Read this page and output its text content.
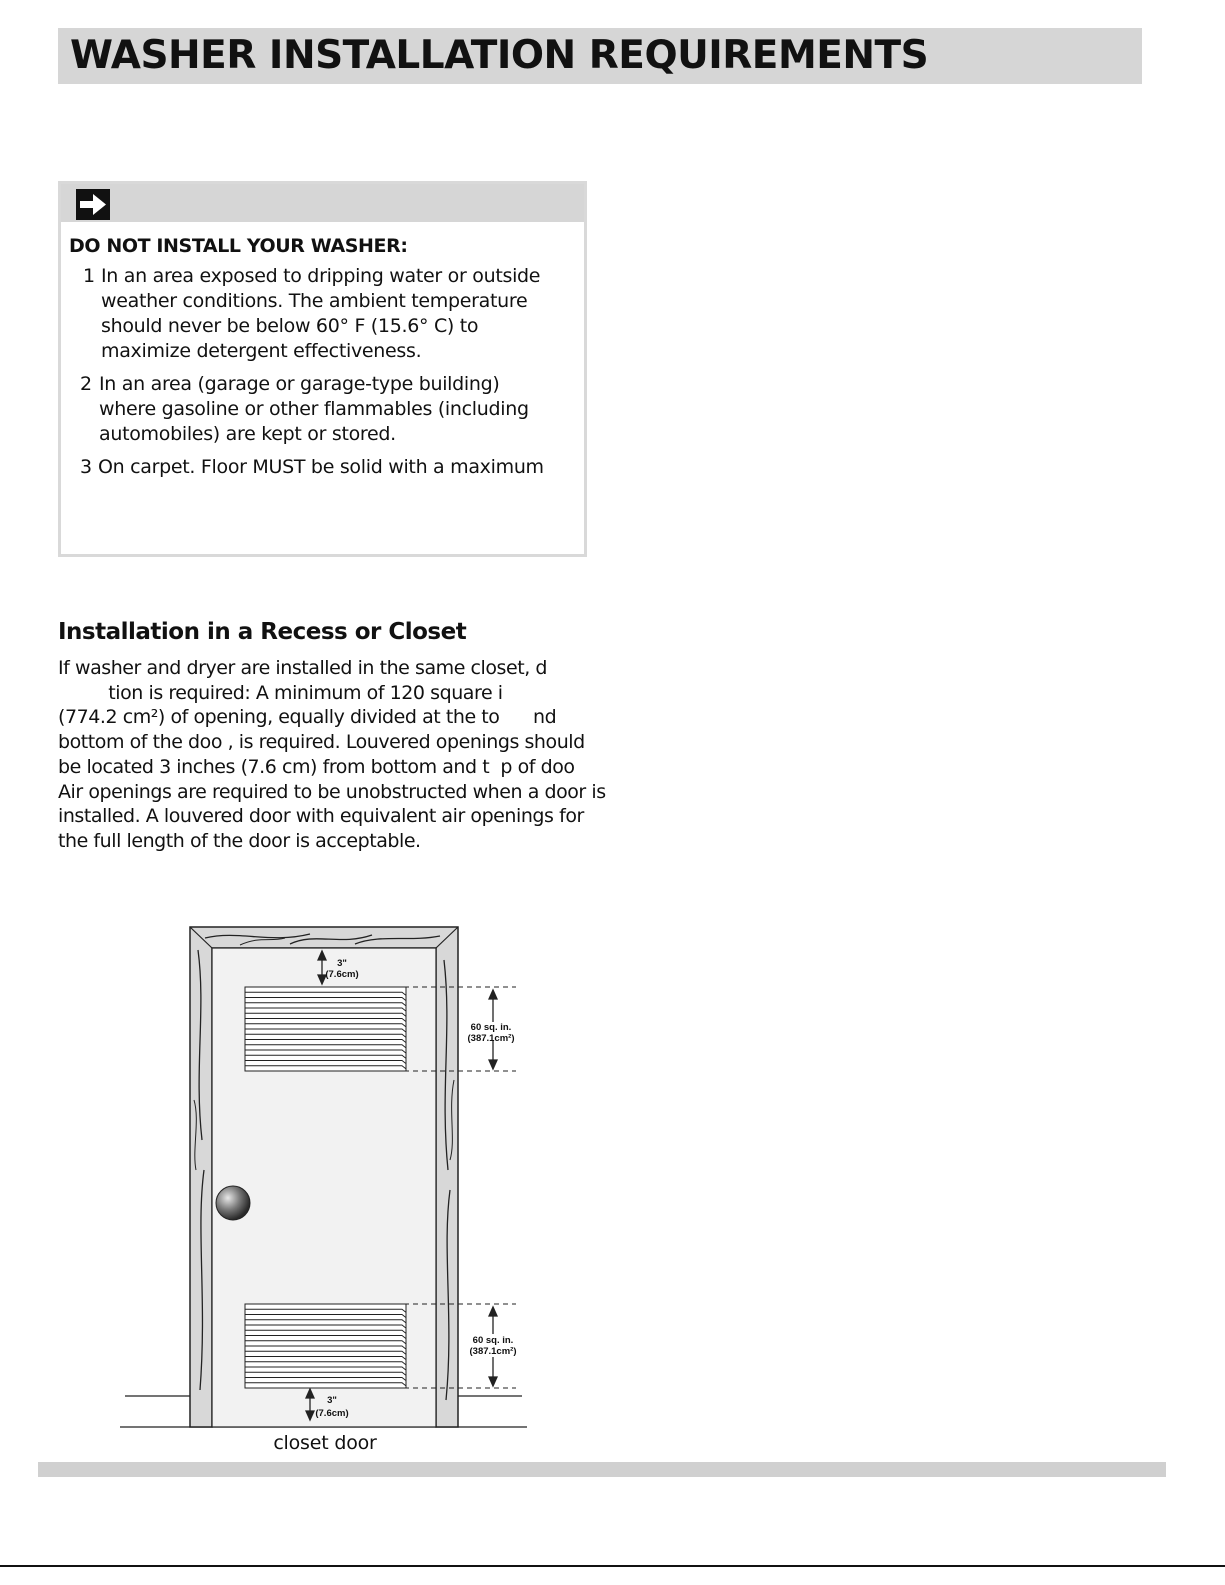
WASHER INSTALLATION REQUIREMENTS
DO NOT INSTALL YOUR WASHER:
1 In an area exposed to dripping water or outside
weather conditions. The ambient temperature
should never be below 60° F (15.6° C) to
maximize detergent effectiveness.
2 In an area (garage or garage-type building)
where gasoline or other flammables (including
automobiles) are kept or stored.
3 On carpet. Floor MUST be solid with a maximum
Installation in a Recess or Closet
If washer and dryer are installed in the same closet, d
tion is required: A minimum of 120 square i
(774.2 cm²) of opening, equally divided at the to      nd
bottom of the doo , is required. Louvered openings should
be located 3 inches (7.6 cm) from bottom and t  p of doo
Air openings are required to be unobstructed when a door is
installed. A louvered door with equivalent air openings for
the full length of the door is acceptable.
3"
(7.6cm)
60 sq. in.
(387.1cm²)
60 sq. in.
(387.1cm²)
3"
(7.6cm)
closet door
